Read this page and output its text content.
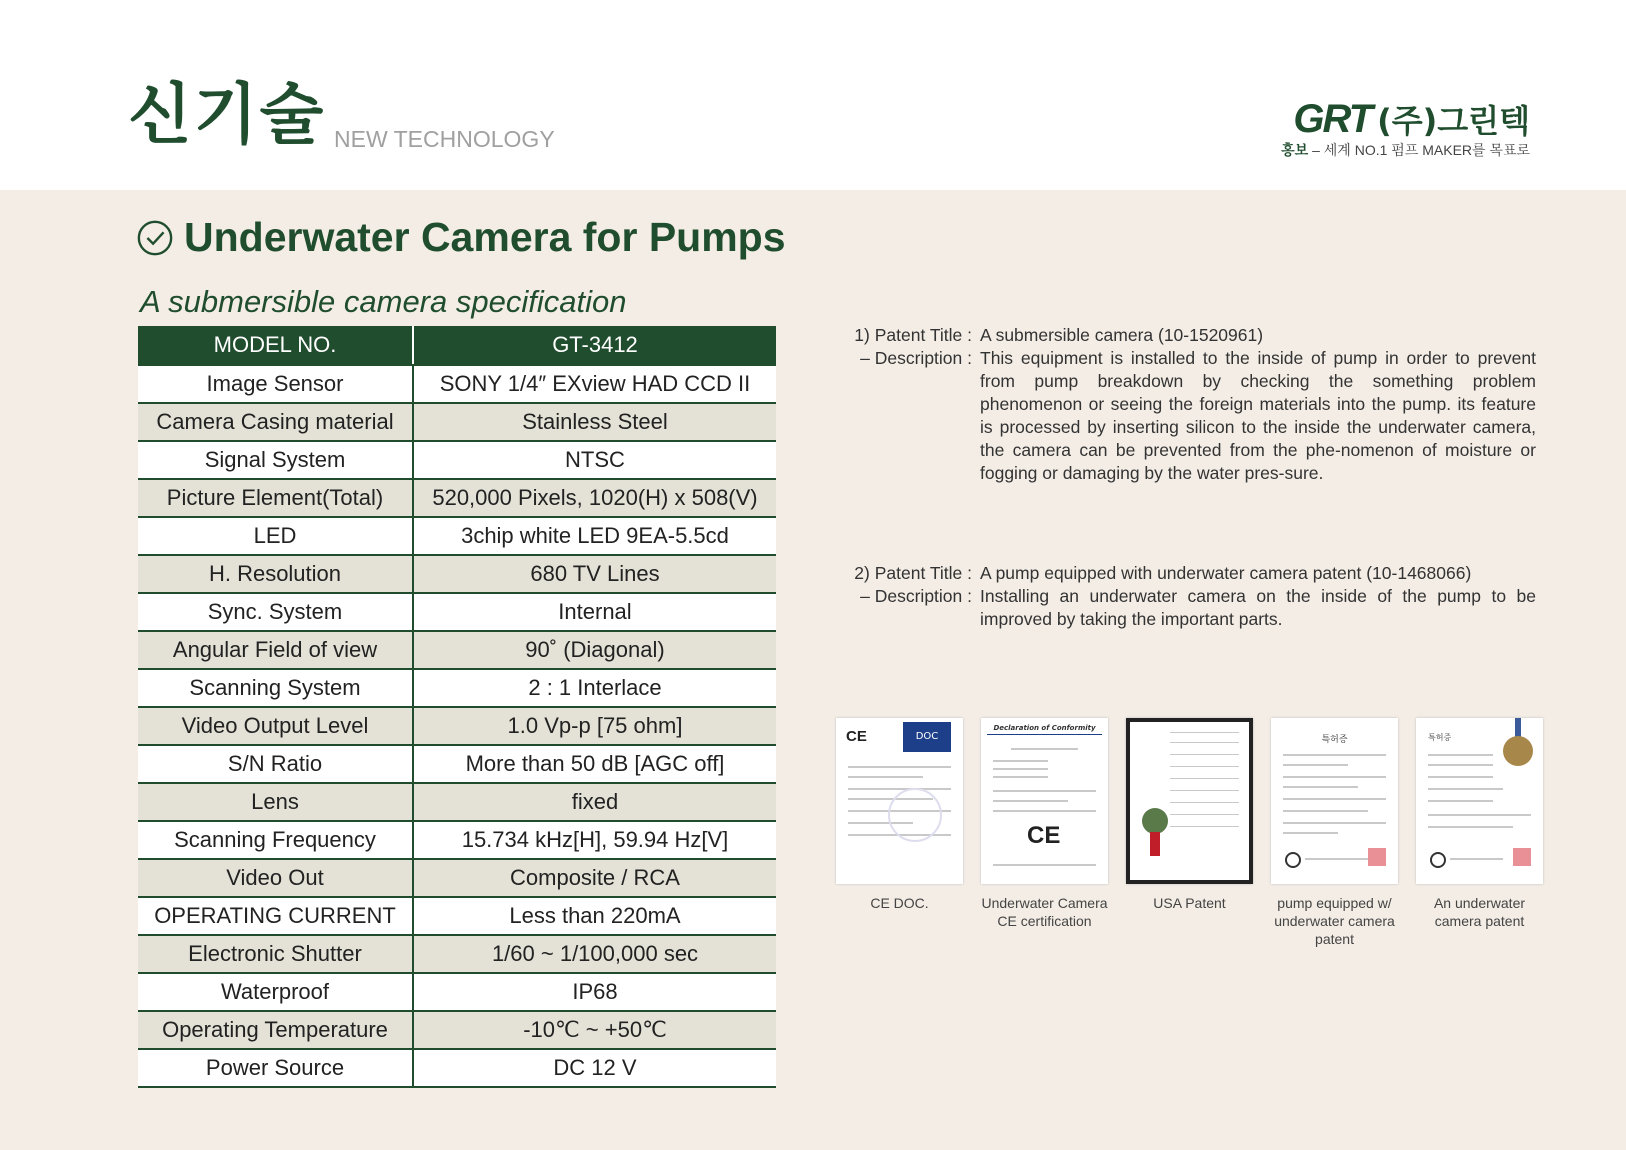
신기술 NEW TECHNOLOGY	GRT (주)그린텍
홍보 – 세계 NO.1 펌프 MAKER를 목표로
Underwater Camera for Pumps
A submersible camera specification
MODEL NO.	GT-3412
Image Sensor	SONY 1/4″ EXview HAD CCD II
Camera Casing material	Stainless Steel
Signal System	NTSC
Picture Element(Total)	520,000 Pixels, 1020(H) x 508(V)
LED	3chip white LED 9EA-5.5cd
H. Resolution	680 TV Lines
Sync. System	Internal
Angular Field of view	90˚ (Diagonal)
Scanning System	2 : 1 Interlace
Video Output Level	1.0 Vp-p [75 ohm]
S/N Ratio	More than 50 dB [AGC off]
Lens	fixed
Scanning Frequency	15.734 kHz[H], 59.94 Hz[V]
Video Out	Composite / RCA
OPERATING CURRENT	Less than 220mA
Electronic Shutter	1/60 ~ 1/100,000 sec
Waterproof	IP68
Operating Temperature	-10℃ ~ +50℃
Power Source	DC 12 V
1) Patent Title : A submersible camera (10-1520961)
– Description : This equipment is installed to the inside of pump in order to prevent from pump breakdown by checking the something problem phenomenon or seeing the foreign materials into the pump. its feature is processed by inserting silicon to the inside the underwater camera, the camera can be prevented from the phe-nomenon of moisture or fogging or damaging by the water pres-sure.
2) Patent Title : A pump equipped with underwater camera patent (10-1468066)
– Description : Installing an underwater camera on the inside of the pump to be improved by taking the important parts.
CE	DOC
CE DOC.
Declaration of Conformity
CE
Underwater Camera CE certification
USA Patent
특허증
pump equipped w/ underwater camera patent
특허증
An underwater camera patent
